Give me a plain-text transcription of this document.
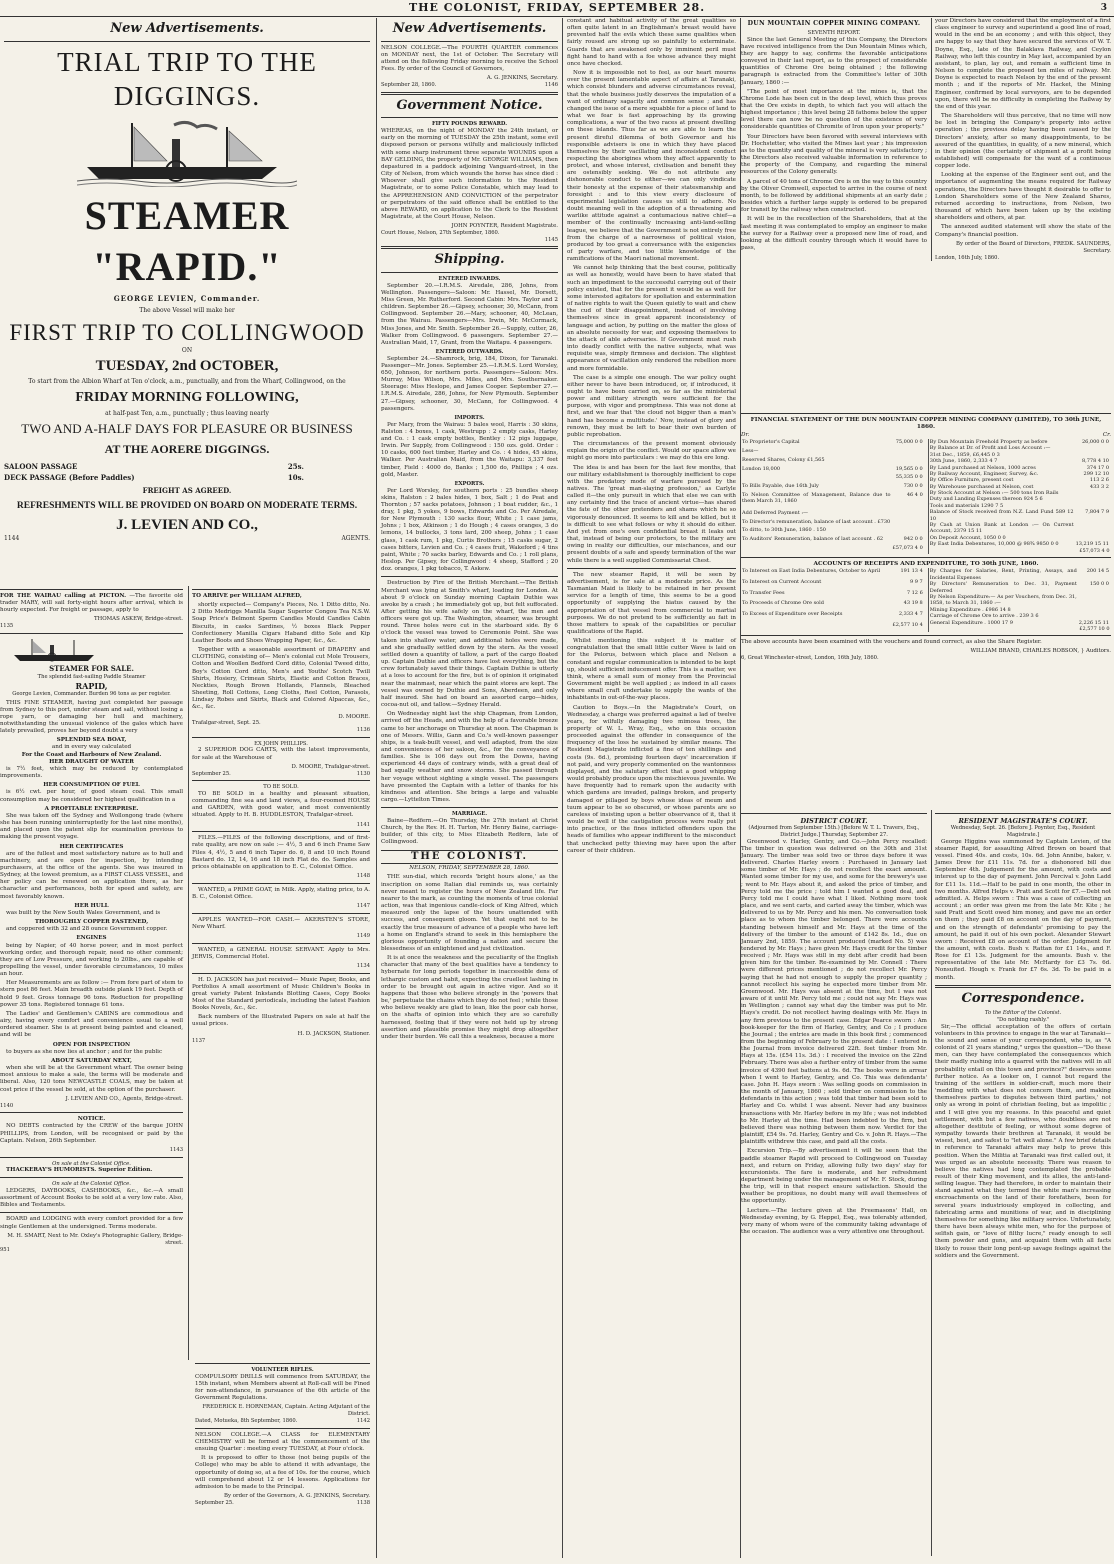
THE COLONIST, FRIDAY, SEPTEMBER 28.	3
New Advertisements.
TRIAL TRIP TO THE DIGGINGS.
STEAMER "RAPID."
GEORGE LEVIEN, Commander.
The above Vessel will make her
FIRST TRIP TO COLLINGWOOD
ON
TUESDAY, 2nd OCTOBER,
To start from the Albion Wharf at Ten o'clock, a.m., punctually, and from the Wharf, Collingwood, on the
FRIDAY MORNING FOLLOWING,
at half-past Ten, a.m., punctually ; thus leaving nearly
TWO AND A-HALF DAYS FOR PLEASURE OR BUSINESS
AT THE AORERE DIGGINGS.
SALOON PASSAGE	25s.
DECK PASSAGE (Before Paddles)	10s.
FREIGHT AS AGREED.
REFRESHMENTS WILL BE PROVIDED ON BOARD ON MODERATE TERMS.
J. LEVIEN AND CO.,
1144	AGENTS.

FOR THE WAIRAU calling at PICTON. —The favorite old trader MARY, will sail forty-eight hours after arrival, which is hourly expected. For freight or passage, apply to

THOMAS ASKEW, Bridge-street.
1135
STEAMER FOR SALE.
The splendid fast-sailing Paddle Steamer
RAPID,

George Levien, Commander. Burden 96 tons as per register.

THIS FINE STEAMER, having just completed her passage from Sydney to this port, under steam and sail, without losing a rope yarn, or damaging her hull and machinery, notwithstanding the unusual violence of the gales which have lately prevailed, proves her beyond doubt a very

SPLENDID SEA BOAT,
and in every way calculated
For the Coast and Harbours of New Zealand.
HER DRAUGHT OF WATER

is 7½ feet, which may be reduced by contemplated improvements.

HER CONSUMPTION OF FUEL

is 6½ cwt. per hour, of good steam coal. This small consumption may be considered her highest qualification in a

A PROFITABLE ENTERPRISE.

She was taken off the Sydney and Wollongong trade (where she has been running uninterruptedly for the last nine months), and placed upon the patent slip for examination previous to making the present voyage.

HER CERTIFICATES

are of the fullest and most satisfactory nature as to hull and machinery, and are open for inspection, by intending purchasers, at the office of the agents. She was insured in Sydney, at the lowest premium, as a FIRST CLASS VESSEL, and her policy can be renewed on application there, as her character and performances, both for speed and safety, are most favorably known.

HER HULL

was built by the New South Wales Government, and is

THOROUGHLY COPPER FASTENED,

and coppered with 32 and 28 ounce Government copper.

ENGINES

being by Napier, of 40 horse power, and in most perfect working order, and thorough repair, need no other comment; they are of Low Pressure, and working to 20lbs., are capable of propelling the vessel, under favorable circumstances, 10 miles an hour.

Her Measurements are as follow :— From fore part of stem to stern post 86 feet. Main breadth outside plank 19 feet. Depth of hold 9 feet. Gross tonnage 96 tons. Reduction for propelling power 35 tons. Registered tonnage 61 tons.

The Ladies' and Gentlemen's CABINS are commodious and airy, having every comfort and convenience usual to a well ordered steamer. She is at present being painted and cleaned, and will be

OPEN FOR INSPECTION

to buyers as she now lies at anchor ; and for the public

ABOUT SATURDAY NEXT,

when she will be at the Government wharf. The owner being most anxious to make a sale, the terms will be moderate and liberal. Also, 120 tons NEWCASTLE COALS, may be taken at cost price if the vessel be sold, at the option of the purchaser.

J. LEVIEN AND CO., Agents, Bridge-street.
1140
NOTICE.

NO DEBTS contracted by the CREW of the barque JOHN PHILLIPS, from London, will be recognised or paid by the Captain. Nelson, 26th September.

1143
On sale at the Colonist Office.

THACKERAY'S HUMORISTS. Superior Edition.

On sale at the Colonist Office.

LEDGERS, DAYBOOKS, CASHBOOKS, &c., &c.—A small assortment of Account Books to be sold at a very low rate. Also, Bibles and Testaments.

BOARD and LODGING with every comfort provided for a few single Gentlemen at the undersigned. Terms moderate.

M. H. SMART, Next to Mr. Oxley's Photographic Gallery, Bridge-street.
951

TO ARRIVE per WILLIAM ALFRED,

shortly expected— Company's Pieces, No. 1 Ditto ditto, No. 2 Ditto Medriggs Manilla Sugar Superior Congou Tea N.S.W. Soap Price's Belmont Sperm Candles Mould Candles Cabin Biscuits, in casks Sardines, ½ boxes Black Pepper Confectionery Manilla Cigars Haband ditto Sole and Kip Leather Boots and Shoes Wrapping Paper, &c., &c.

Together with a seasonable assortment of DRAPERY and CLOTHING, consisting of— Men's colonial cut Mole Trousers, Cotton and Woollen Bedford Cord ditto, Colonial Tweed ditto, Boy's Cotton Cord ditto, Men's and Youths' Scotch Twill Shirts, Hosiery, Crimean Shirts, Elastic and Cotton Braces, Neckties, Rough Brown Hollands, Flannels, Bleached Sheeting, Roll Cottons, Long Cloths, Reel Cotton, Parasols, Lindsay Robes and Skirts, Black and Colored Alpaccas, &c., &c., &c.

D. MOORE.
Trafalgar-street, Sept. 25.
1136
EX JOHN PHILLIPS.

2 SUPERIOR DOG CARTS, with the latest improvements, for sale at the Warehouse of

D. MOORE, Trafalgar-street.
September 25.	1130
TO BE SOLD.

TO BE SOLD in a healthy and pleasant situation, commanding fine sea and land views, a four-roomed HOUSE and GARDEN, with good water, and most conveniently situated. Apply to H. B. HUDDLESTON, Trafalgar-street.

1141

FILES.—FILES of the following descriptions, and of first-rate quality, are now on sale :— 4½, 5 and 6 inch Frame Saw Files 4, 4½, 5 and 6 inch Taper do. 6, 8 and 10 inch Round Bastard do. 12, 14, 16 and 18 inch Flat do. do. Samples and prices obtainable on application to E. C., Colonist Office.

1148

WANTED, a PRIME GOAT, in Milk. Apply, stating price, to A. B. C., Colonist Office.

1147

APPLES WANTED—FOR CASH.— AKERSTEN'S STORE, New Wharf.

1149

WANTED, a GENERAL HOUSE SERVANT. Apply to Mrs. JERVIS, Commercial Hotel.

1134

H. D. JACKSON has just received— Music Paper, Books, and Portfolios A small assortment of Music Children's Books in great variety Patent Inkstands Blotting Cases, Copy Books Most of the Standard periodicals, including the latest Fashion Books Novels, &c., &c.

Back numbers of the Illustrated Papers on sale at half the usual prices.

H. D. JACKSON, Stationer.
1137
New Advertisements.

NELSON COLLEGE.—The FOURTH QUARTER commences on MONDAY next, the 1st of October. The Secretary will attend on the following Friday morning to receive the School Fees. By order of the Council of Governors,

A. G. JENKINS, Secretary.
September 28, 1860.	1146
Government Notice.
FIFTY POUNDS REWARD.

WHEREAS, on the night of MONDAY the 24th instant, or early on the morning of TUESDAY the 25th instant, some evil disposed person or persons wilfully and maliciously inflicted with some sharp instrument three separate WOUNDS upon a BAY GELDING, the property of Mr. GEORGE WILLIAMS, then depastured in a paddock adjoining Vanguard-street, in the City of Nelson, from which wounds the horse has since died : Whoever shall give such information to the Resident Magistrate, or to some Police Constable, which may lead to the APPREHENSION AND CONVICTION of the perpetrator or perpetrators of the said offence shall be entitled to the above REWARD, on application to the Clerk to the Resident Magistrate, at the Court House, Nelson.

JOHN POYNTER, Resident Magistrate.
Court House, Nelson, 27th September, 1860.
1145
Shipping.
ENTERED INWARDS.

September 20.—I.R.M.S. Airedale, 286, Johns, from Wellington. Passengers—Saloon: Mr. Hassel, Mr. Dorsett, Miss Green, Mr. Rutherford. Second Cabin: Mrs. Taylor and 2 children. September 26.—Gipsey, schooner, 30, McCann, from Collingwood. September 26.—Mary, schooner, 40, McLean, from the Wairau. Passengers—Mrs. Irwin, Mr. McCormack, Miss Jones, and Mr. Smith. September 26.—Supply, cutter, 26, Walker from Collingwood. 6 passengers. September 27.—Australian Maid, 17, Grant, from the Waitapu. 4 passengers.

ENTERED OUTWARDS.

September 24.—Shamrock, brig, 184, Dixon, for Taranaki. Passenger—Mr. Jones. September 25.—I.R.M.S. Lord Worsley, 650, Johnson, for northern ports. Passengers—Saloon: Mrs. Murray, Miss Wilson, Mrs. Miles, and Mrs. Southernaker. Steerage: Miss Heslope, and James Cooper. September 27.—I.R.M.S. Airedale, 286, Johns, for New Plymouth. September 27.—Gipsey, schooner, 30, McCann, for Collingwood. 4 passengers.

IMPORTS.

Per Mary, from the Wairau: 5 bales wool, Harris : 30 skins, Ralston : 4 boxes, 1 cask, Westrupp : 2 empty casks, Harley and Co. : 1 cask empty bottles, Bentley : 12 pigs luggage, Irwin. Per Supply, from Collingwood : 150 ozs. gold. Order : 10 casks, 600 feet timber, Harley and Co. : 4 hides, 45 skins, Walker. Per Australian Maid, from the Waitapu: 3,337 feet timber, Field : 4000 do, Banks ; 1,500 do, Phillips ; 4 ozs. gold, Master.

EXPORTS.

Per Lord Worsley, for southern ports : 25 bundles sheep skins, Ralston : 2 bales hides, 1 box, Salt ; 1 do Peat and Thornton ; 57 sacks potatoes, Johnson ; 1 boat rudder, &c., 1 dray, 1 pkg, 5 yokes, 9 bows, Edwards and Co. Per Airedale, for New Plymouth : 130 sacks flour, White ; 1 case jams, Johns ; 1 box, Atkinson ; 1 do Hough ; 4 cases oranges, 3 do lemons, 14 bullocks, 3 tons lard, 200 sheep, Johns ; 1 case glass, 1 cask rum, 1 pkg, Curtis Brothers ; 15 casks sugar, 2 cases bitters, Levien and Co. ; 4 cases fruit, Wakeford ; 4 tins paint, White ; 70 sacks barley, Edwards and Co. ; 1 roll plans, Heslop. Per Gipsey, for Collingwood : 4 sheep, Stafford ; 20 doz. oranges, 1 pkg tobacco, T. Askew.

Destruction by Fire of the British Merchant.—The British Merchant was lying at Smith's wharf, loading for London. At about 9 o'clock on Sunday morning Captain Duthie was awoke by a crash ; he immediately got up, but felt suffocated. After getting his wife safely on the wharf, the men and officers were got up. The Washington, steamer, was brought round. Three holes were cut in the starboard side. By 6 o'clock the vessel was towed to Ceremonie Point. She was taken into shallow water, and additional holes were made, and she gradually settled down by the stern. As the vessel settled down a quantity of tallow, a part of the cargo floated up. Captain Duthie and officers have lost everything, but the crew fortunately saved their things. Captain Duthie is utterly at a loss to account for the fire, but is of opinion it originated near the mainmast, near which the paint stores are kept. The vessel was owned by Duthie and Sons, Aberdeen, and only half insured. She had on board an assorted cargo—hides, cocoa-nut oil, and tallow.—Sydney Herald.

On Wednesday night last the ship Chapman, from London, arrived off the Heads, and with the help of a favorable breeze came to her anchorage on Thursday at noon. The Chapman is one of Messrs. Willis, Gann and Co.'s well-known passenger ships, is a teak-built vessel, and well adapted, from the size and conveniences of her saloon, &c., for the conveyance of families. She is 106 days out from the Downs, having experienced 44 days of contrary winds, with a great deal of bad squally weather and snow storms. She passed through her voyage without sighting a single vessel. The passengers have presented the Captain with a letter of thanks for his kindness and attention. She brings a large and valuable cargo.—Lyttelton Times.

MARRIAGE.

Baine—Redfern.—On Thursday, the 27th instant at Christ Church, by the Rev. H. H. Turton, Mr. Henry Baine, carriage-builder, of this city, to Miss Elizabeth Redfern, late of Collingwood.

THE COLONIST.
NELSON, FRIDAY, SEPTEMBER 28, 1860.

THE sun-dial, which records 'bright hours alone,' as the inscription on some Italian dial reminds us, was certainly never meant to register the hours of New Zealand life. Far nearer to the mark, as counting the moments of true colonial action, was that ingenious candle-clock of King Alfred, which measured only the lapse of the hours unattended with success, and consequent gloom. Yet that ought not to be exactly the true measure of advance of a people who have left a home on England's strand to seek in this hemisphere the glorious opportunity of founding a nation and secure the blessedness of an enlightened and just civilization.

It is at once the weakness and the peculiarity of the English character that many of the best qualities have a tendency to hybernate for long periods together in inaccessible dens of lethargic custom and habit, expecting the cruellest lashing in order to be brought out again in active vigor. And so it happens that those who believe strongly in the 'powers that be,' perpetuate the chains which they do not feel ; while those who believe weakly are glad to lean, like the poor cab horse, on the shafts of opinion into which they are so carefully harnessed, feeling that if they were not held up by strong assertion and plausible promise they might drop altogether under their burden. We call this a weakness, because a more

VOLUNTEER RIFLES.

COMPULSORY DRILLS will commence from SATURDAY, the 15th instant, when Members absent at Roll-call will be Fined for non-attendance, in pursuance of the 6th article of the Government Regulations.

FREDERICK E. HORNEMAN, Captain. Acting Adjutant of the District.
Dated, Motueka, 8th September, 1860.	1142

NELSON COLLEGE.—A CLASS for ELEMENTARY CHEMISTRY will be formed at the commencement of the ensuing Quarter : meeting every TUESDAY, at Four o'clock.

It is proposed to offer to those (not being pupils of the College) who may be able to attend it with advantage, the opportunity of doing so, at a fee of 10s. for the course, which will comprehend about 12 or 14 lessons. Applications for admission to be made to the Principal.

By order of the Governors, A. G. JENKINS, Secretary.
September 25.	1138

constant and habitual activity of the great qualities so often quite latent in an Englishman's breast would have prevented half the evils which these same qualities when fairly roused are strong up so painfully to exterminate. Guards that are awakened only by imminent peril must fight hand to hand with a foe whose advance they might once have checked.

Now it is impossible not to feel, as our heart mourns over the present lamentable aspect of affairs at Taranaki, which consist blunders and adverse circumstances reveal, that the whole business justly deserves the imputation of a want of ordinary sagacity and common sense ; and has changed the issue of a mere squabble for a piece of land to what we fear is fast approaching by its growing complications, a war of the two races at present dwelling on these islands. Thus far as we are able to learn the present direful dilemma of both Governor and his responsible advisers is one in which they have placed themselves by their vacillating and inconsistent conduct respecting the aborigines whom they affect apparently to protect, and whose interest, civilisation and benefit they are ostensibly seeking. We do not attribute any dishonorable conduct to either—we can only vindicate their honesty at the expense of their statesmanship and foresight : and to this view every disclosure of experimental legislation causes us still to adhere. No doubt meaning well in the adoption of a threatening and warlike attitude against a contumacious native chief—a member of the continually increasing anti-land-selling league, we believe that the Government is not entirely free from the charge of a narrowness of political vision, produced by too great a conversance with the exigencies of party warfare, and too little knowledge of the ramifications of the Maori national movement.

We cannot help thinking that the best course, politically as well as honestly, would have been to have stated that such an impediment to the successful carrying out of their policy existed, that for the present it would be as well for some interested agitators for spoliation and extermination of native rights to wait the Queen quietly to wait and chew the cud of their disappointment, instead of involving themselves since in great apparent inconsistency of language and action, by putting on the matter the gloss of an absolute necessity for war, and exposing themselves to the attack of able adversaries. If Government must rush into deadly conflict with the native subjects, what was requisite was, simply firmness and decision. The slightest appearance of vacillation only rendered the rebellion more and more formidable.

The case is a simple one enough. The war policy ought either never to have been introduced, or, if introduced, it ought to have been carried on, so far as the ministerial power and military strength were sufficient for the purpose, with vigor and promptness. This was not done at first, and we fear that 'the cloud not bigger than a man's hand has become a multitude.' Now, instead of glory and renown, they must be left to bear their own burden of public reprobation.

The circumstances of the present moment obviously explain the origin of the conflict. Would our space allow we might go more into particulars : we may do this ere long.

The idea is and has been for the last few months, that our military establishment is thoroughly inefficient to cope with the predatory mode of warfare pursued by the natives. The 'great man-slaying profession,' as Carlyle called it—the only pursuit in which that else we can with any certainty find the trace of ancient virtue—has shared the fate of the other pretenders and shams which he so vigorously denounced. It seems to kill and be killed, but it is difficult to see what follows or why it should do either. And yet from one's own confidential breast it leaks out that, instead of being our protectors, to the military are owing in reality our difficulties, our mischances, and our present doubts of a safe and speedy termination of the war while there is a well supplied Commissariat Chest.

The new steamer Rapid, it will be seen by advertisement, is for sale at a moderate price. As the Tasmanian Maid is likely to be retained in her present service for a length of time, this seems to be a good opportunity of supplying the hiatus caused by the appropriation of that vessel from commercial to martial purposes. We do not pretend to be sufficiently au fait in those matters to speak of the capabilities or peculiar qualifications of the Rapid.

Whilst mentioning this subject it is matter of congratulation that the small little cutter Wave is laid on for the Pelorus, between which place and Nelson a constant and regular communication is intended to be kept up, should sufficient inducement offer. This is a matter, we think, where a small sum of money from the Provincial Government might be well applied ; as indeed in all cases where small craft undertake to supply the wants of the inhabitants in out-of-the-way places.

Caution to Boys.—In the Magistrate's Court, on Wednesday, a charge was preferred against a lad of twelve years, for wilfully damaging two mimosa trees, the property of W. L. Wray, Esq., who on this occasion proceeded against the offender in consequence of the frequency of the loss he sustained by similar means. The Resident Magistrate inflicted a fine of ten shillings and costs (9s. 6d.), promising fourteen days' incarceration if not paid, and very properly commented on the wantonness displayed, and the salutary effect that a good whipping would probably produce upon the mischievous juvenile. We have frequently had to remark upon the audacity with which gardens are invaded, palings broken, and property damaged or pillaged by boys whose ideas of meum and tuum appear to be so obscured, or whose parents are so careless of insisting upon a better observance of it, that it would be well if the castigation process were really put into practice, or the fines inflicted offenders upon the heads of families who appear indifferent to the misconduct that unchecked petty thieving may have upon the after career of their children.

DUN MOUNTAIN COPPER MINING COMPANY.
SEVENTH REPORT.

Since the last General Meeting of this Company, the Directors have received intelligence from the Dun Mountain Mines which, they are happy to say, confirms the favorable anticipations conveyed in their last report, as to the prospect of considerable quantities of Chrome Ore being obtained ; the following paragraph is extracted from the Committee's letter of 30th January, 1860 :—

"The point of most importance at the mines is, that the Chrome Lode has been cut in the deep level, which thus proves that the Ore exists in depth, to which fact you will attach the highest importance ; this level being 28 fathoms below the upper level there can now be no question of the existence of very considerable quantities of Chromite of Iron upon your property."

Your Directors have been favored with several interviews with Dr. Hochstetter, who visited the Mines last year ; his impression as to the quantity and quality of the mineral is very satisfactory ; the Directors also received valuable information in reference to the property of the Company, and regarding the mineral resources of the Colony generally.

A parcel of 40 tons of Chrome Ore is on the way to this country by the Oliver Cromwell, expected to arrive in the course of next month, to be followed by additional shipments at an early date ; besides which a further large supply is ordered to be prepared for transit by the railway when constructed.

It will be in the recollection of the Shareholders, that at the last meeting it was contemplated to employ an engineer to make the survey for a Railway over a proposed new line of road, and looking at the difficult country through which it would have to pass,

your Directors have considered that the employment of a first class engineer to survey and superintend a good line of road, would in the end be an economy ; and with this object, they are happy to say that they have secured the services of W. T. Doyne, Esq., late of the Balaklava Railway, and Ceylon Railway, who left this country in May last, accompanied by an assistant, to plan, lay out, and remain a sufficient time in Nelson to complete the proposed ten miles of railway. Mr. Doyne is expected to reach Nelson by the end of the present month ; and if the reports of Mr. Hacket, the Mining Engineer, confirmed by local surveyors, are to be depended upon, there will be no difficulty in completing the Railway by the end of this year.

The Shareholders will thus perceive, that no time will now be lost in bringing the Company's property into active operation ; the previous delay having been caused by the Directors' anxiety, after so many disappointments, to be assured of the quantities, in quality, of a new mineral, which in their opinion (the certainty of shipment at a profit being established) will compensate for the want of a continuous copper lode.

Looking at the expense of the Engineer sent out, and the importance of augmenting the means required for Railway operations, the Directors have thought it desirable to offer to London Shareholders some of the New Zealand Shares, returned according to instructions, from Nelson, two thousand of which have been taken up by the existing shareholders and others, at par.

The annexed audited statement will show the state of the Company's financial position.

By order of the Board of Directors, FREDK. SAUNDERS, Secretary.
London, 16th July, 1860.
FINANCIAL STATEMENT OF THE DUN MOUNTAIN COPPER MINING COMPANY (LIMITED), TO 30th JUNE, 1860.
Dr.	Cr.
To Proprietor's Capital	75,000 0 0
Less—	
Reserved Shares, Colony £1,565	
London 18,000	19,565 0 0
	55,335 0 0
To Bills Payable, due 16th July	730 0 0
To Nelson Committee of Management, Balance due to them March 31, 1860	46 4 0
Add Deferred Payment :—	
To Director's remuneration, balance of last account . £730	
To ditto, to 30th June, 1860 . 150	
To Auditors' Remuneration, balance of last account . 62	942 0 0
	£57,073 4 0
By Dun Mountain Freehold Property as before	26,000 0 0
By Balance at Dr. of Profit and Loss Account :—	
31st Dec., 1859, £6,445 0 3	
30th June, 1860, 2,333 4 7	8,778 4 10
By Land purchased at Nelson, 1000 acres	374 17 0
By Railway Account, Engineer, Survey, &c.	299 12 10
By Office Furniture, present cost	113 2 6
By Warehouse purchased at Nelson, cost	433 3 2
By Stock Account at Nelson :— 500 tons Iron Rails	
Duty and Landing Expenses thereon 924 5 6	
Tools and materials 1290 7 5	
Balance of Stock received from N.Z. Land Fund 589 12 10	7,804 7 9
By Cash at Union Bank at London :— On Current Account, 2379 15 11	
On Deposit Account, 1050 0 0	
By East India Debentures, 10,000 @ 98¾ 9850 0 0	13,219 15 11
	£57,073 4 0
ACCOUNTS OF RECEIPTS AND EXPENDITURE, TO 30th JUNE, 1860.
To Interest on East India Debentures, October to April	191 13 4
To Interest on Current Account	9 9 7
To Transfer Fees	7 12 6
To Proceeds of Chrome Ore sold	43 19 8
To Excess of Expenditure over Receipts	2,333 4 7
	£2,577 10 4
By Charges for Salaries, Rent, Printing, Assays, and Incidental Expenses	200 14 5
By Directors' Remuneration to Dec. 31, Payment Deferred	150 0 0
By Nelson Expenditure:— As per Vouchers, from Dec. 31, 1858, to March 31, 1860 :—	
Mining Expenditure . £986 14 8	
Carriage of Chrome Ore to arrive . 239 3 6	
General Expenditure . 1000 17 9	2,226 15 11
	£2,577 10 0

The above accounts have been examined with the vouchers and found correct, as also the Share Register.

WILLIAM BRAND, CHARLES ROBSON, } Auditors.
6, Great Winchester-street, London, 16th July, 1860.
DISTRICT COURT.
(Adjourned from September 15th.) [Before W. T. L. Travers, Esq., District Judge.] Thursday, September 27.

Greenwood v. Harley, Gentry, and Co.—John Percy recalled: The timber in question was delivered on the 30th and 31st January. The timber was sold two or three days before it was delivered. Charles Harley sworn : Purchased in January last some timber of Mr. Hays ; do not recollect the exact amount. Wanted some timber for my use, and some for the brewery's use ; went to Mr. Hays about it, and asked the price of timber, and Percy told me the price ; told him I wanted a good deal, and Percy told me I could have what I liked. Nothing more took place, and we sent carts, and carted away the timber, which was delivered to us by Mr. Percy and his men. No conversation took place as to whom the timber belonged. There were accounts standing between himself and Mr. Hays at the time of the delivery of the timber to the amount of £142 8s. 1d., due on January 2nd, 1859. The account produced (marked No. 5) was tendered by Mr. Hays ; have given Mr. Hays credit for the timber received ; Mr. Hays was still in my debt after credit had been given him for the timber. Re-examined by Mr. Connell : There were different prices mentioned ; do not recollect Mr. Percy saying that he had not enough to supply the proper quantity ; cannot recollect his saying he expected more timber from Mr. Greenwood. Mr. Hays was absent at the time, but I was not aware of it until Mr. Percy told me ; could not say Mr. Hays was in Wellington ; cannot say what day the timber was put to Mr. Hays's credit. Do not recollect having dealings with Mr. Hays in any firm previous to the present case. Edgar Pearce sworn : Am book-keeper for the firm of Harley, Gentry, and Co ; I produce the Journal ; the entries are made in this book first ; commenced from the beginning of February to the present date : I entered in the Journal from invoice delivered 22ft. feet timber from Mr. Hays at 15s. (£54 11s. 3d.) : I received the invoice on the 22nd February. There was also a further entry of timber from the same invoice of 4390 feet battens at 9s. 6d. The books were in arrear when I went to Harley, Gentry, and Co. This was defendants' case. John H. Hays sworn : Was selling goods on commission in the month of January, 1860 ; sold timber on commission to the defendants in this action ; was told that timber had been sold to Harley and Co. whilst I was absent. Never had any business transactions with Mr. Harley before in my life ; was not indebted to Mr. Harley at the time. Had been indebted to the firm, but believed there was nothing between them now. Verdict for the plaintiff, £54 9s. 7d. Harley, Gentry and Co. v. John R. Hays.—The plaintiffs withdrew this case, and paid all the costs.

Excursion Trip.—By advertisement it will be seen that the paddle steamer Rapid will proceed to Collingwood on Tuesday next, and return on Friday, allowing fully two days' stay for excursionists. The fare is moderate, and her refreshment department being under the management of Mr. F. Stock, during the trip, will in that respect ensure satisfaction. Should the weather be propitious, no doubt many will avail themselves of the opportunity.

Lecture.—The lecture given at the Freemasons' Hall, on Wednesday evening, by G. Heppel, Esq., was tolerably attended, very many of whom were of the community taking advantage of the occasion. The audience was a very attentive one throughout.

RESIDENT MAGISTRATE'S COURT.
Wednesday, Sept. 26. [Before J. Poynter, Esq., Resident Magistrate.]

George Higgins was summoned by Captain Levien, of the steamer Rapid, for assaulting Alfred Brown on board that vessel. Fined 40s. and costs, 10s. 6d. John Annibe, baker, v. James Drew for £11 11s. 7d. for a dishonored bill due September 4th. Judgement for the amount, with costs and interest up to the day of payment. John Percival v. John Ladd for £11 1s. 11d.—Half to be paid in one month, the other in two months. Alfred Helps v. Pratt and Scott for £7.—Debt not admitted. A. Helps sworn : This was a case of collecting an account ; an order was given me from the late Mr. Kite ; he said Pratt and Scott owed him money, and gave me an order on them ; they paid £8 on account on the day of payment, and on the strength of defendants' promising to pay the amount, he paid it out of his own pocket. Alexander Stewart sworn : Received £8 on account of the order. Judgment for the amount, with costs. Bush v. Rattan for £1 14s., and F. Rose for £1 13s. Judgment for the amounts. Bush v. the representative of the late Mr. McHardy for £3 7s. 6d. Nonsuited. Hough v. Frank for £7 6s. 3d. To be paid in a month.

Correspondence.
To the Editor of the Colonist.
"Do nothing rashly."

Sir,—The official acceptation of the offers of certain volunteers in this province to engage in the war at Taranaki—the sound and sense of your correspondent, who is, as "A colonist of 21 years standing," urges the question—"Do these men, can they have contemplated the consequences which their madly rushing into a quarrel with the natives will in all probability entail on this town and province?" deserves some further notice. As a looker on, I cannot but regard the training of the settlers in soldier-craft, much more their 'meddling with what does not concern them, and making themselves parties to disputes between third parties,' not only as wrong in point of christian feeling, but as impolitic ; and I will give you my reasons. In this peaceful and quiet settlement, with but a few natives, who doubtless are not altogether destitute of feeling, or without some degree of sympathy towards their brethren at Taranaki, it would be wisest, best, and safest to "let well alone." A few brief details in reference to Taranaki affairs may help to prove this position. When the Militia at Taranaki was first called out, it was urged as an absolute necessity. There was reason to believe the natives had long contemplated the probable result of their King movement, and its allies, the anti-land-selling league. They had therefore, in order to maintain their stand against what they termed the white man's increasing encroachments on the land of their forefathers, been for several years industriously employed in collecting, and fabricating arms and munitions of war, and in disciplining themselves for something like military service. Unfortunately, there have been always white men, who for the purpose of selfish gain, or "love of filthy lucre," ready enough to sell them powder and guns, and acquaint them with all facts likely to rouse their long pent-up savage feelings against the soldiers and the Government.
